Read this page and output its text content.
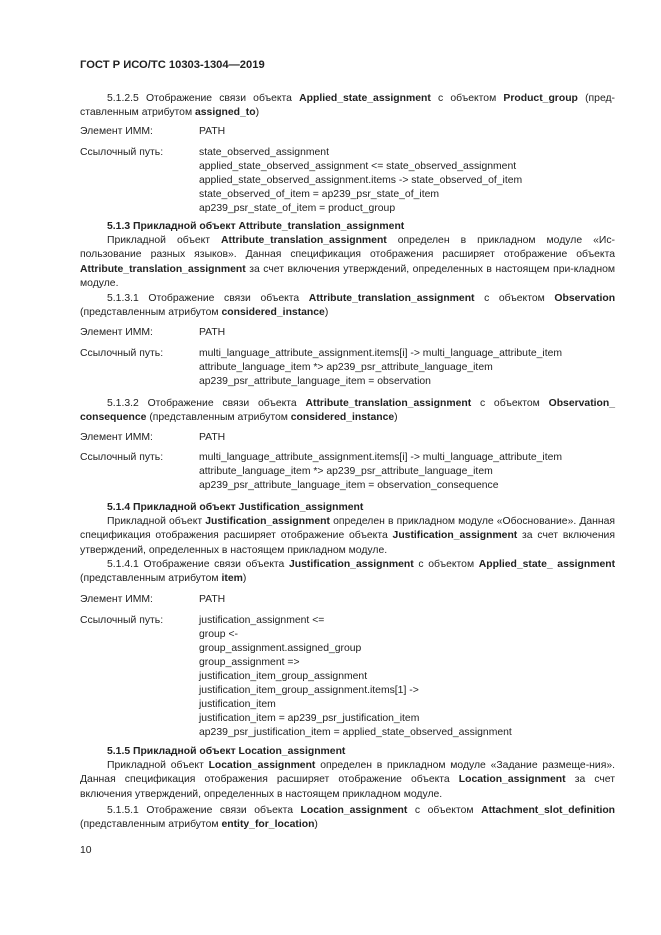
ГОСТ Р ИСО/ТС 10303-1304—2019
5.1.2.5 Отображение связи объекта Applied_state_assignment с объектом Product_group (пред-ставленным атрибутом assigned_to)
Элемент ИММ:	PATH
Ссылочный путь:	state_observed_assignment
applied_state_observed_assignment <= state_observed_assignment
applied_state_observed_assignment.items -> state_observed_of_item
state_observed_of_item = ap239_psr_state_of_item
ap239_psr_state_of_item = product_group
5.1.3 Прикладной объект Attribute_translation_assignment
Прикладной объект Attribute_translation_assignment определен в прикладном модуле «Ис-пользование разных языков». Данная спецификация отображения расширяет отображение объекта Attribute_translation_assignment за счет включения утверждений, определенных в настоящем при-кладном модуле.
5.1.3.1 Отображение связи объекта Attribute_translation_assignment с объектом Observation (представленным атрибутом considered_instance)
Элемент ИММ:	PATH
Ссылочный путь:	multi_language_attribute_assignment.items[i] -> multi_language_attribute_item
attribute_language_item *> ap239_psr_attribute_language_item
ap239_psr_attribute_language_item = observation
5.1.3.2 Отображение связи объекта Attribute_translation_assignment с объектом Observation_ consequence (представленным атрибутом considered_instance)
Элемент ИММ:	PATH
Ссылочный путь:	multi_language_attribute_assignment.items[i] -> multi_language_attribute_item
attribute_language_item *> ap239_psr_attribute_language_item
ap239_psr_attribute_language_item = observation_consequence
5.1.4 Прикладной объект Justification_assignment
Прикладной объект Justification_assignment определен в прикладном модуле «Обоснование». Данная спецификация отображения расширяет отображение объекта Justification_assignment за счет включения утверждений, определенных в настоящем прикладном модуле.
5.1.4.1 Отображение связи объекта Justification_assignment с объектом Applied_state_ assignment (представленным атрибутом item)
Элемент ИММ:	PATH
Ссылочный путь:	justification_assignment <=
group <-
group_assignment.assigned_group
group_assignment =>
justification_item_group_assignment
justification_item_group_assignment.items[1] ->
justification_item
justification_item = ap239_psr_justification_item
ap239_psr_justification_item = applied_state_observed_assignment
5.1.5 Прикладной объект Location_assignment
Прикладной объект Location_assignment определен в прикладном модуле «Задание размеще-ния». Данная спецификация отображения расширяет отображение объекта Location_assignment за счет включения утверждений, определенных в настоящем прикладном модуле.
5.1.5.1 Отображение связи объекта Location_assignment с объектом Attachment_slot_definition (представленным атрибутом entity_for_location)
10
